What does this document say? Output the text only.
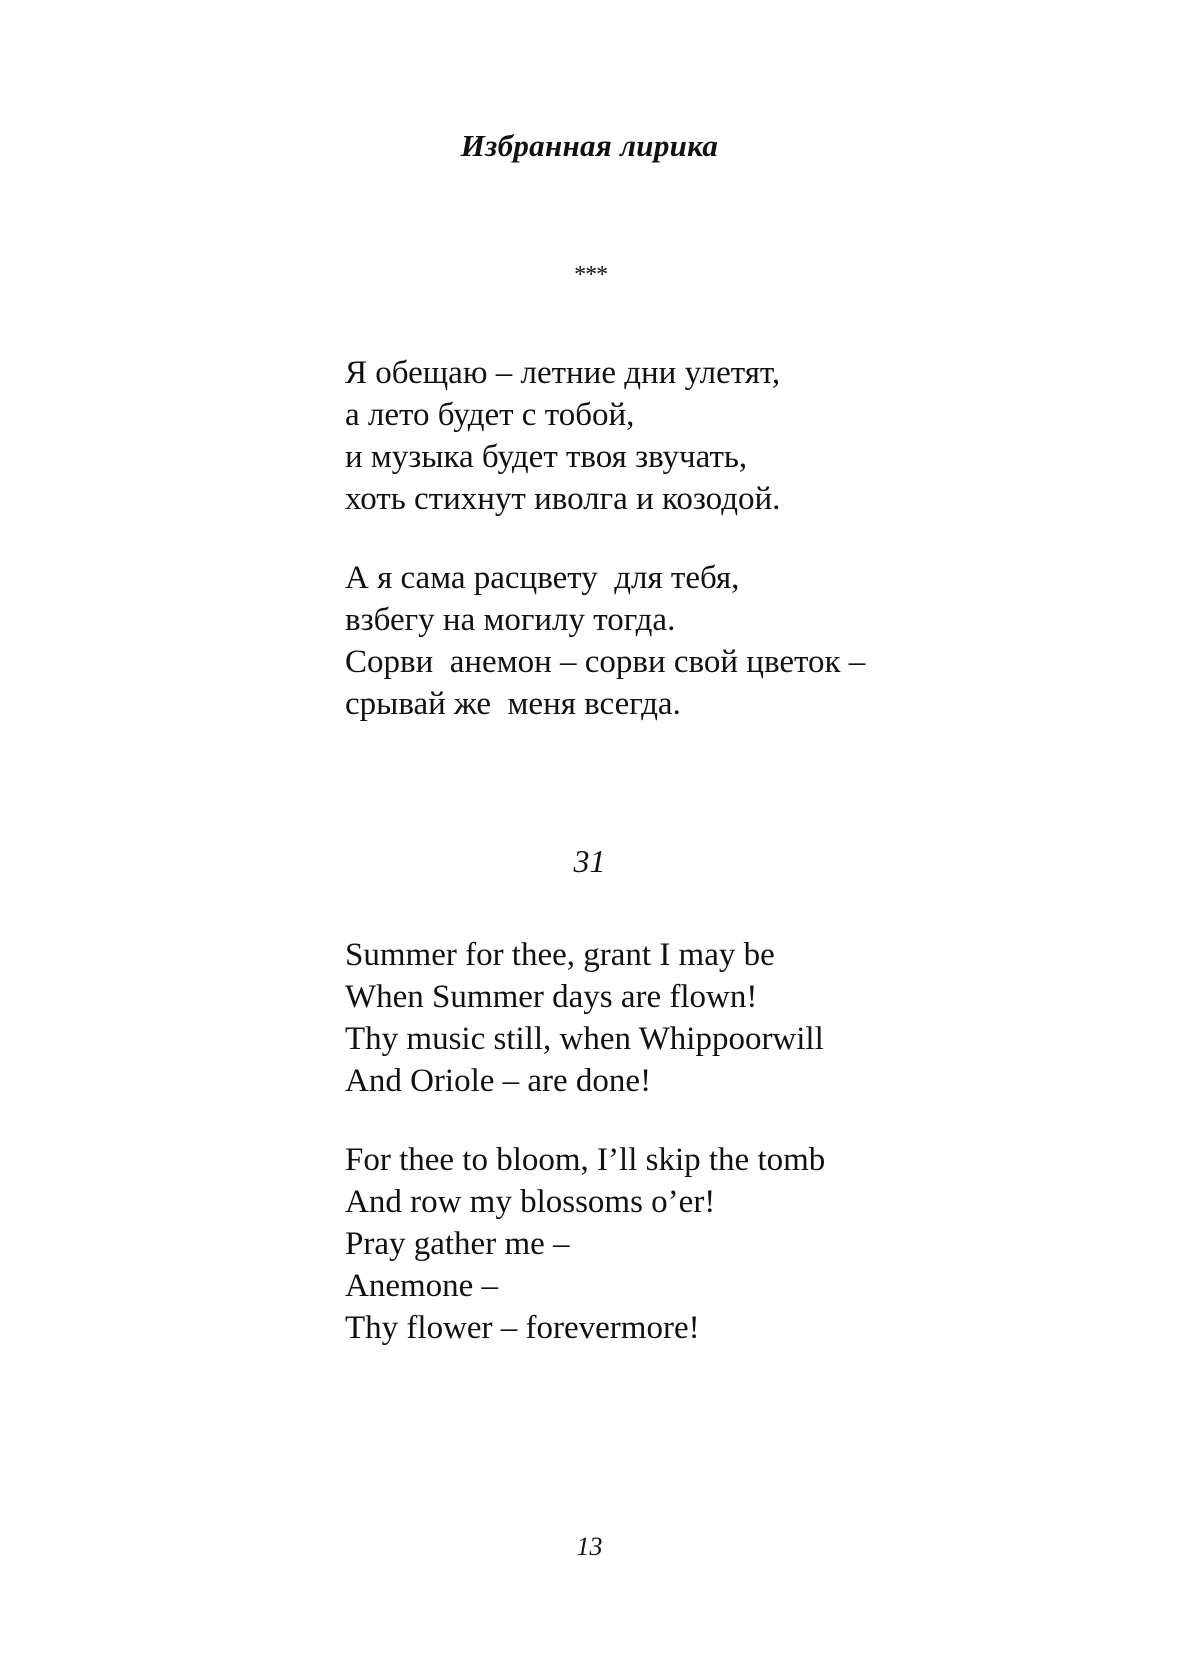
Избранная лирика
***
Я обещаю – летние дни улетят,
а лето будет с тобой,
и музыка будет твоя звучать,
хоть стихнут иволга и козодой.
А я сама расцвету  для тебя,
взбегу на могилу тогда.
Сорви  анемон – сорви свой цветок –
срывай же  меня всегда.
31
Summer for thee, grant I may be
When Summer days are flown!
Thy music still, when Whippoorwill
And Oriole – are done!
For thee to bloom, I’ll skip the tomb
And row my blossoms o’er!
Pray gather me –
Anemone –
Thy flower – forevermore!
13
